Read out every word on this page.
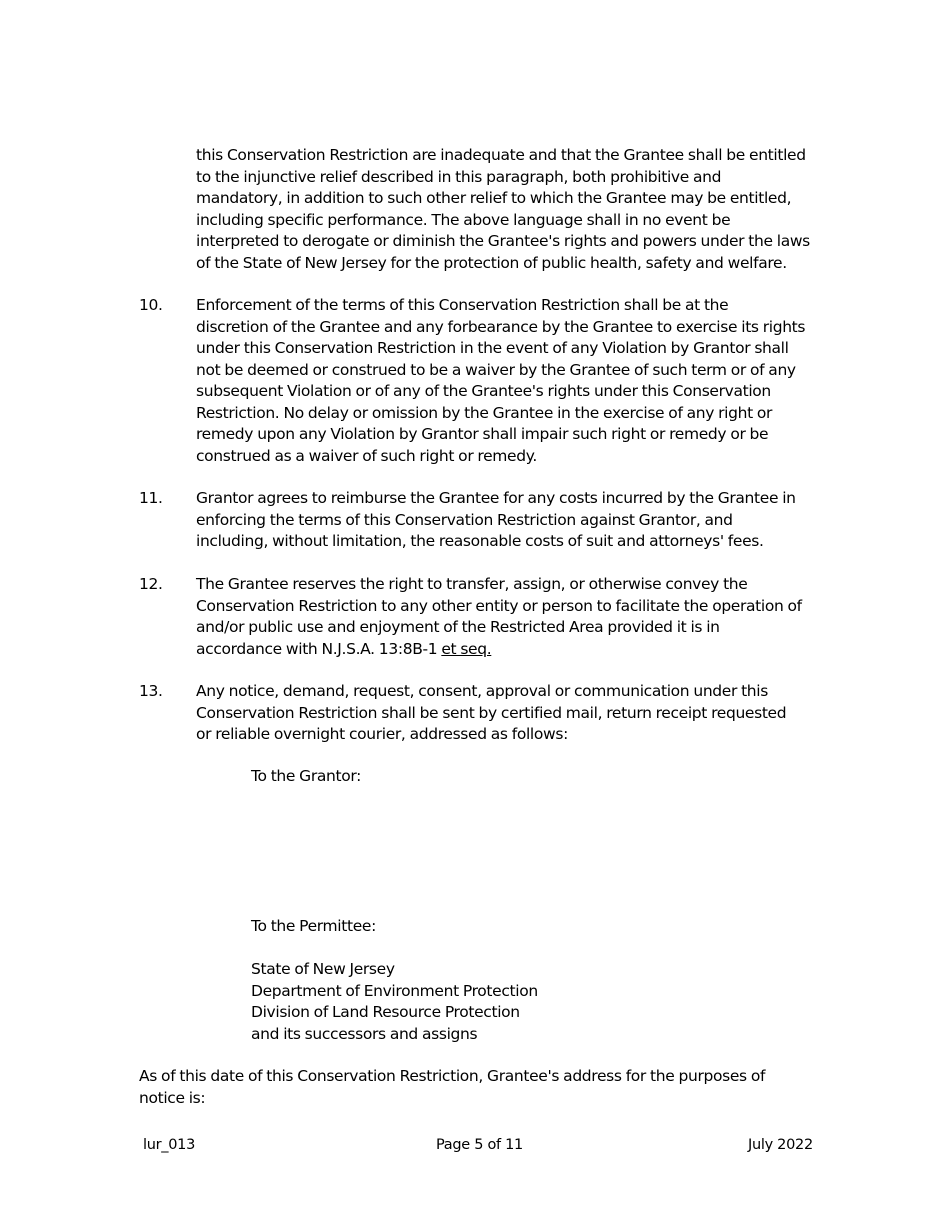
this Conservation Restriction are inadequate and that the Grantee shall be entitled
to the injunctive relief described in this paragraph, both prohibitive and
mandatory, in addition to such other relief to which the Grantee may be entitled,
including specific performance. The above language shall in no event be
interpreted to derogate or diminish the Grantee's rights and powers under the laws
of the State of New Jersey for the protection of public health, safety and welfare.
10. Enforcement of the terms of this Conservation Restriction shall be at the
discretion of the Grantee and any forbearance by the Grantee to exercise its rights
under this Conservation Restriction in the event of any Violation by Grantor shall
not be deemed or construed to be a waiver by the Grantee of such term or of any
subsequent Violation or of any of the Grantee's rights under this Conservation
Restriction. No delay or omission by the Grantee in the exercise of any right or
remedy upon any Violation by Grantor shall impair such right or remedy or be
construed as a waiver of such right or remedy.
11. Grantor agrees to reimburse the Grantee for any costs incurred by the Grantee in
enforcing the terms of this Conservation Restriction against Grantor, and
including, without limitation, the reasonable costs of suit and attorneys' fees.
12. The Grantee reserves the right to transfer, assign, or otherwise convey the
Conservation Restriction to any other entity or person to facilitate the operation of
and/or public use and enjoyment of the Restricted Area provided it is in
accordance with N.J.S.A. 13:8B-1 et seq.
13. Any notice, demand, request, consent, approval or communication under this
Conservation Restriction shall be sent by certified mail, return receipt requested
or reliable overnight courier, addressed as follows:
To the Grantor:
To the Permittee:
State of New Jersey
Department of Environment Protection
Division of Land Resource Protection
and its successors and assigns
As of this date of this Conservation Restriction, Grantee's address for the purposes of
notice is:
lur_013	Page 5 of 11	July 2022
